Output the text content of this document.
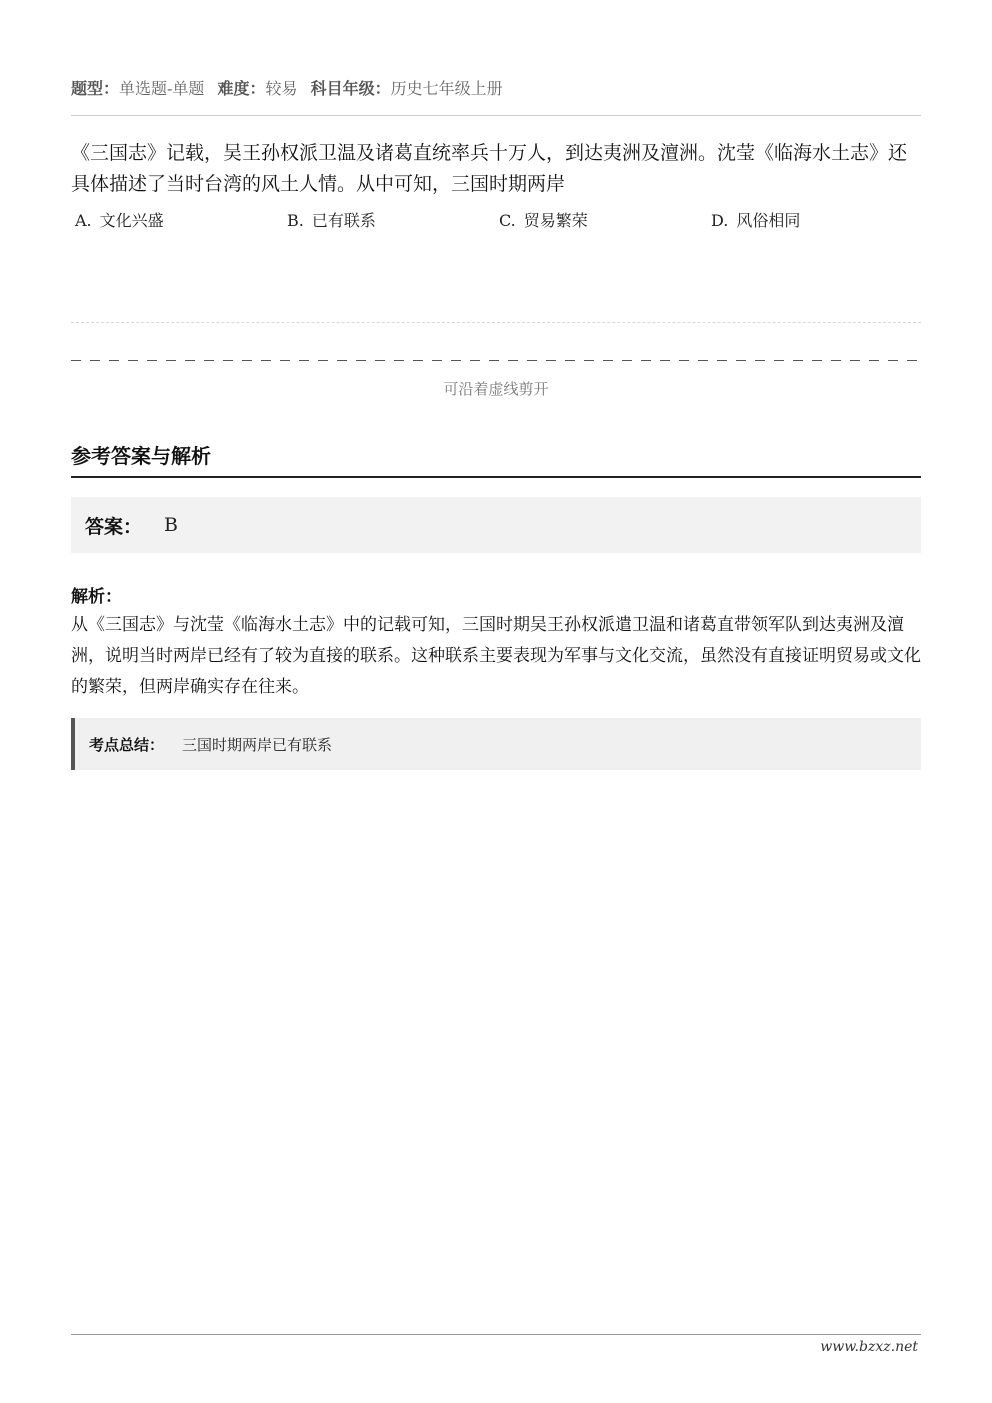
题型：单选题-单题 难度：较易 科目年级：历史七年级上册
《三国志》记载，吴王孙权派卫温及诸葛直统率兵十万人，到达夷洲及澶洲。沈莹《临海水土志》还具体描述了当时台湾的风土人情。从中可知，三国时期两岸
A. 文化兴盛	B. 已有联系	C. 贸易繁荣	D. 风俗相同
可沿着虚线剪开
参考答案与解析
答案： B
解析：
从《三国志》与沈莹《临海水土志》中的记载可知，三国时期吴王孙权派遣卫温和诸葛直带领军队到达夷洲及澶洲，说明当时两岸已经有了较为直接的联系。这种联系主要表现为军事与文化交流，虽然没有直接证明贸易或文化的繁荣，但两岸确实存在往来。
考点总结： 三国时期两岸已有联系
www.bzxz.net
